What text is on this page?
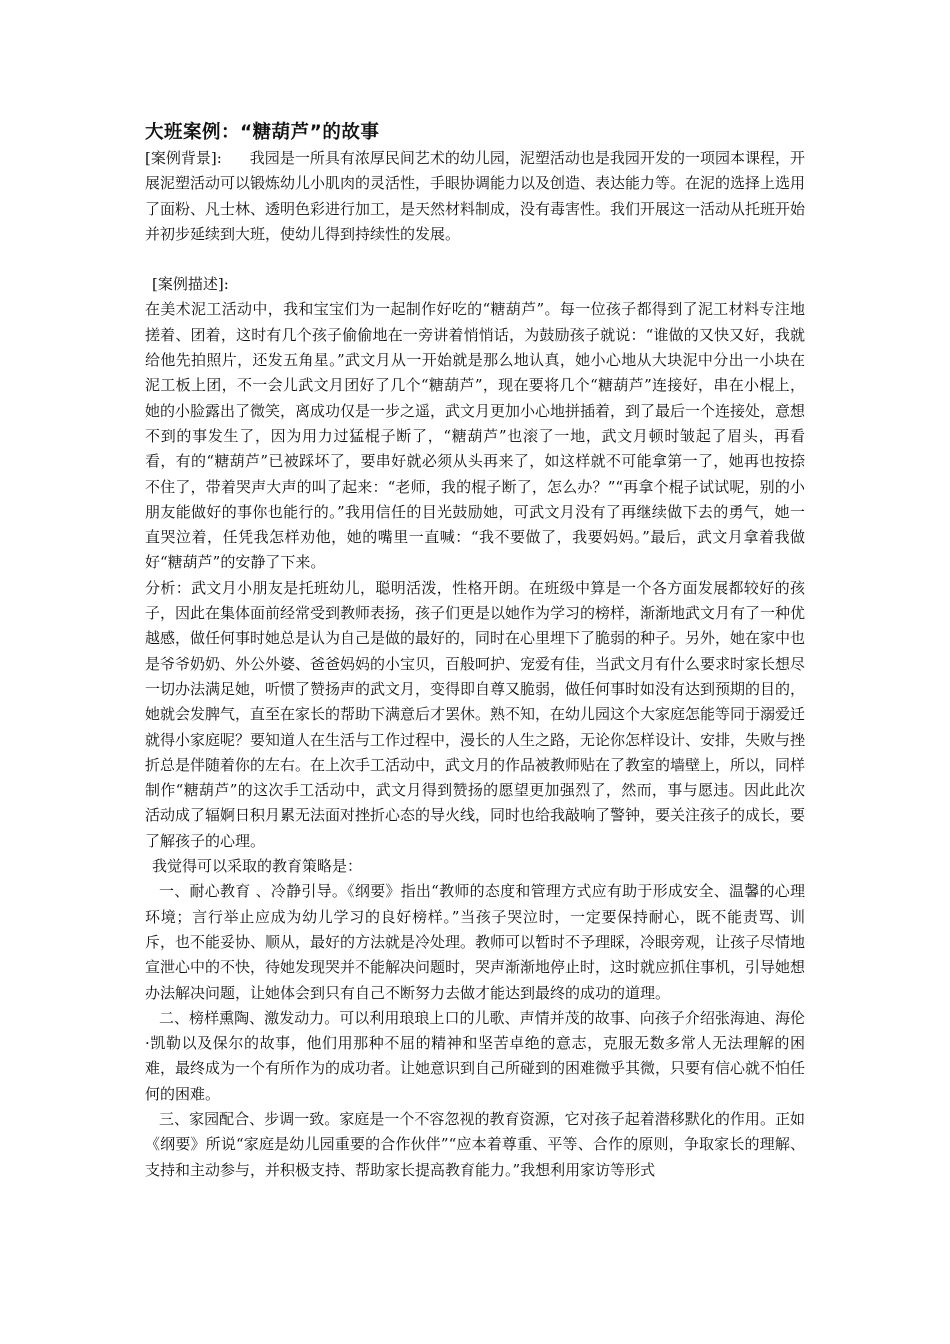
大班案例：“糖葫芦”的故事

[案例背景]: 我园是一所具有浓厚民间艺术的幼儿园，泥塑活动也是我园开发的一项园本课程，开展泥塑活动可以锻炼幼儿小肌肉的灵活性，手眼协调能力以及创造、表达能力等。在泥的选择上选用了面粉、凡士林、透明色彩进行加工，是天然材料制成，没有毒害性。我们开展这一活动从托班开始并初步延续到大班，使幼儿得到持续性的发展。

[案例描述]:

在美术泥工活动中，我和宝宝们为一起制作好吃的“糖葫芦”。每一位孩子都得到了泥工材料专注地搓着、团着，这时有几个孩子偷偷地在一旁讲着悄悄话，为鼓励孩子就说：“谁做的又快又好，我就给他先拍照片，还发五角星。”武文月从一开始就是那么地认真，她小心地从大块泥中分出一小块在泥工板上团，不一会儿武文月团好了几个“糖葫芦”，现在要将几个“糖葫芦”连接好，串在小棍上，她的小脸露出了微笑，离成功仅是一步之遥，武文月更加小心地拼插着，到了最后一个连接处，意想不到的事发生了，因为用力过猛棍子断了，“糖葫芦”也滚了一地，武文月顿时皱起了眉头，再看看，有的“糖葫芦”已被踩坏了，要串好就必须从头再来了，如这样就不可能拿第一了，她再也按捺不住了，带着哭声大声的叫了起来：“老师，我的棍子断了，怎么办？”“再拿个棍子试试呢，别的小朋友能做好的事你也能行的。”我用信任的目光鼓励她，可武文月没有了再继续做下去的勇气，她一直哭泣着，任凭我怎样劝他，她的嘴里一直喊：“我不要做了，我要妈妈。”最后，武文月拿着我做好“糖葫芦”的安静了下来。

分析：武文月小朋友是托班幼儿，聪明活泼，性格开朗。在班级中算是一个各方面发展都较好的孩子，因此在集体面前经常受到教师表扬，孩子们更是以她作为学习的榜样，渐渐地武文月有了一种优越感，做任何事时她总是认为自己是做的最好的，同时在心里埋下了脆弱的种子。另外，她在家中也是爷爷奶奶、外公外婆、爸爸妈妈的小宝贝，百般呵护、宠爱有佳，当武文月有什么要求时家长想尽一切办法满足她，听惯了赞扬声的武文月，变得即自尊又脆弱，做任何事时如没有达到预期的目的，她就会发脾气，直至在家长的帮助下满意后才罢休。熟不知，在幼儿园这个大家庭怎能等同于溺爱迁就得小家庭呢？要知道人在生活与工作过程中，漫长的人生之路，无论你怎样设计、安排，失败与挫折总是伴随着你的左右。在上次手工活动中，武文月的作品被教师贴在了教室的墙壁上，所以，同样制作“糖葫芦”的这次手工活动中，武文月得到赞扬的愿望更加强烈了，然而，事与愿违。因此此次活动成了辐婀日积月累无法面对挫折心态的导火线，同时也给我敲响了警钟，要关注孩子的成长，要了解孩子的心理。

我觉得可以采取的教育策略是：

一、耐心教育 、冷静引导。《纲要》指出“教师的态度和管理方式应有助于形成安全、温馨的心理环境；言行举止应成为幼儿学习的良好榜样。”当孩子哭泣时，一定要保持耐心，既不能责骂、训斥，也不能妥协、顺从，最好的方法就是冷处理。教师可以暂时不予理睬，冷眼旁观，让孩子尽情地宣泄心中的不快，待她发现哭并不能解决问题时，哭声渐渐地停止时，这时就应抓住事机，引导她想办法解决问题，让她体会到只有自己不断努力去做才能达到最终的成功的道理。

二、榜样熏陶、激发动力。可以利用琅琅上口的儿歌、声情并茂的故事、向孩子介绍张海迪、海伦·凯勒以及保尔的故事，他们用那种不屈的精神和坚苦卓绝的意志，克服无数多常人无法理解的困难，最终成为一个有所作为的成功者。让她意识到自己所碰到的困难微乎其微，只要有信心就不怕任何的困难。

三、家园配合、步调一致。家庭是一个不容忽视的教育资源，它对孩子起着潜移默化的作用。正如《纲要》所说“家庭是幼儿园重要的合作伙伴”“应本着尊重、平等、合作的原则，争取家长的理解、支持和主动参与，并积极支持、帮助家长提高教育能力。”我想利用家访等形式
